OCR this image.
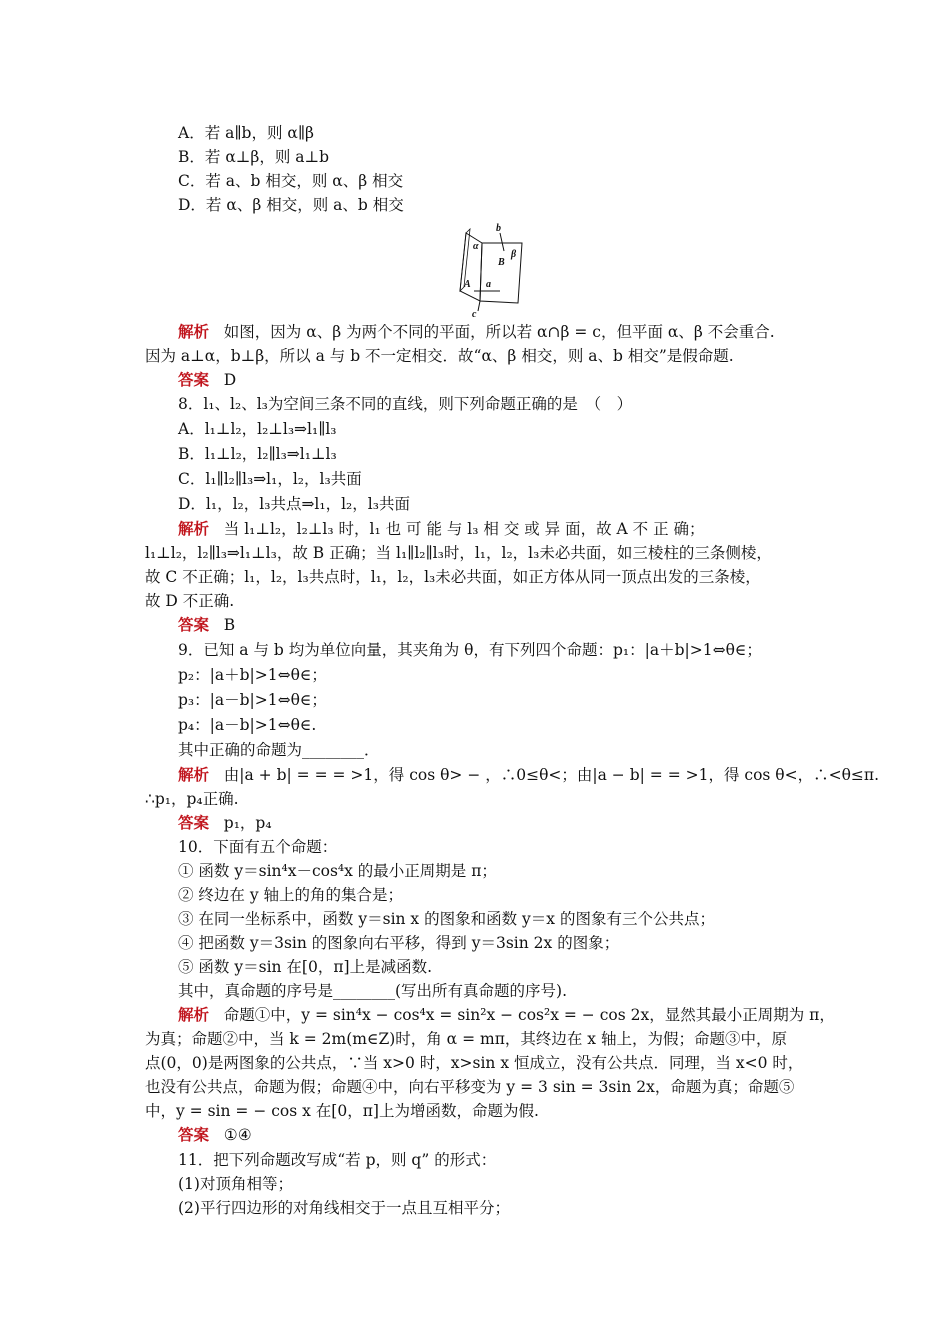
A．若 a∥b，则 α∥β
B．若 α⊥β，则 a⊥b
C．若 a、b 相交，则 α、β 相交
D．若 α、β 相交，则 a、b 相交
b
α
B
β
A a
c
解析 如图，因为 α、β 为两个不同的平面，所以若 α∩β = c，但平面 α、β 不会重合.
因为 a⊥α，b⊥β，所以 a 与 b 不一定相交．故“α、β 相交，则 a、b 相交”是假命题.
答案 D
8．l₁、l₂、l₃为空间三条不同的直线，则下列命题正确的是　（　）
A．l₁⊥l₂，l₂⊥l₃⇒l₁∥l₃
B．l₁⊥l₂，l₂∥l₃⇒l₁⊥l₃
C．l₁∥l₂∥l₃⇒l₁，l₂，l₃共面
D．l₁，l₂，l₃共点⇒l₁，l₂，l₃共面
解析 当 l₁⊥l₂，l₂⊥l₃ 时，l₁ 也 可 能 与 l₃ 相 交 或 异 面，故 A 不 正 确；
l₁⊥l₂，l₂∥l₃⇒l₁⊥l₃，故 B 正确；当 l₁∥l₂∥l₃时，l₁，l₂，l₃未必共面，如三棱柱的三条侧棱，
故 C 不正确；l₁，l₂，l₃共点时，l₁，l₂，l₃未必共面，如正方体从同一顶点出发的三条棱，
故 D 不正确.
答案 B
9．已知 a 与 b 均为单位向量，其夹角为 θ，有下列四个命题：p₁：|a＋b|>1⇔θ∈；
p₂：|a＋b|>1⇔θ∈；
p₃：|a－b|>1⇔θ∈；
p₄：|a－b|>1⇔θ∈.
其中正确的命题为________．
解析 由|a + b| = = = >1，得 cos θ> − ，∴0≤θ<；由|a − b| = = >1，得 cos θ<，∴<θ≤π.
∴p₁，p₄正确.
答案 p₁，p₄
10．下面有五个命题：
① 函数 y＝sin⁴x－cos⁴x 的最小正周期是 π；
② 终边在 y 轴上的角的集合是；
③ 在同一坐标系中，函数 y＝sin x 的图象和函数 y＝x 的图象有三个公共点；
④ 把函数 y＝3sin 的图象向右平移，得到 y＝3sin 2x 的图象；
⑤ 函数 y＝sin 在[0，π]上是减函数.
其中，真命题的序号是________(写出所有真命题的序号).
解析 命题①中，y = sin⁴x − cos⁴x = sin²x − cos²x = − cos 2x，显然其最小正周期为 π，
为真；命题②中，当 k = 2m(m∈Z)时，角 α = mπ，其终边在 x 轴上，为假；命题③中，原
点(0，0)是两图象的公共点，∵当 x>0 时，x>sin x 恒成立，没有公共点．同理，当 x<0 时，
也没有公共点，命题为假；命题④中，向右平移变为 y = 3 sin = 3sin 2x，命题为真；命题⑤
中，y = sin = − cos x 在[0，π]上为增函数，命题为假.
答案 ①④
11．把下列命题改写成“若 p，则 q” 的形式：
(1)对顶角相等；
(2)平行四边形的对角线相交于一点且互相平分；
